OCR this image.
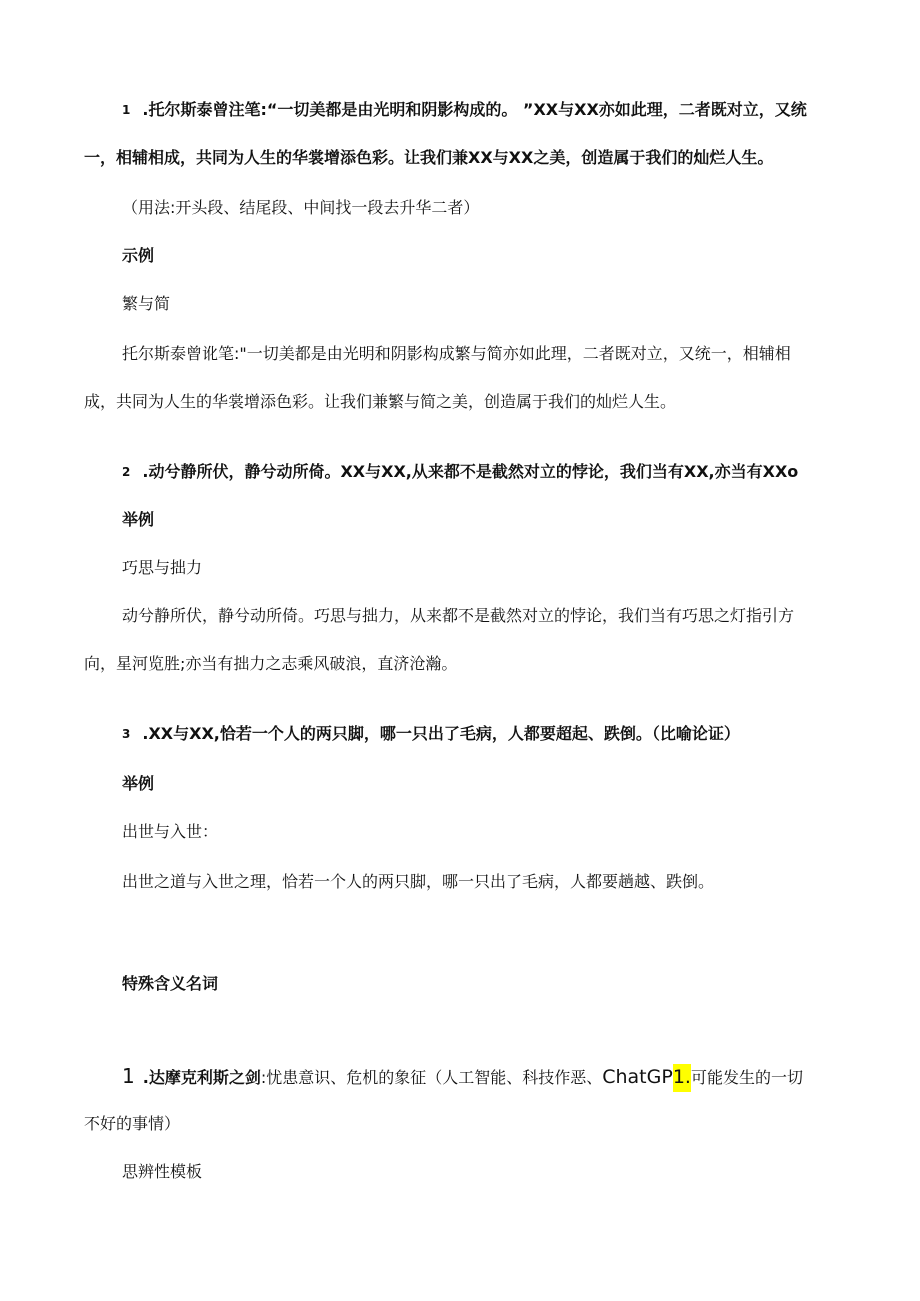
1 .托尔斯泰曾注笔:“一切美都是由光明和阴影构成的。 ”XX与XX亦如此理，二者既对立，又统
一，相辅相成，共同为人生的华裳增添色彩。让我们兼XX与XX之美，创造属于我们的灿烂人生。
（用法:开头段、结尾段、中间找一段去升华二者）
示例
繁与简
托尔斯泰曾讹笔:"一切美都是由光明和阴影构成繁与简亦如此理，二者既对立，又统一，相辅相
成，共同为人生的华裳增添色彩。让我们兼繁与简之美，创造属于我们的灿烂人生。
2 .动兮静所伏，静兮动所倚。XX与XX,从来都不是截然对立的悖论，我们当有XX,亦当有XXo
举例
巧思与拙力
动兮静所伏，静兮动所倚。巧思与拙力，从来都不是截然对立的悖论，我们当有巧思之灯指引方
向，星河览胜;亦当有拙力之志乘风破浪，直济沧瀚。
3 .XX与XX,恰若一个人的两只脚，哪一只出了毛病，人都要超起、跌倒。（比喻论证）
举例
出世与入世：
出世之道与入世之理，恰若一个人的两只脚，哪一只出了毛病，人都要趟越、跌倒。
特殊含义名词
1 .达摩克利斯之剑:忧患意识、危机的象征（人工智能、科技作恶、ChatGP1.可能发生的一切
不好的事情）
思辨性模板
